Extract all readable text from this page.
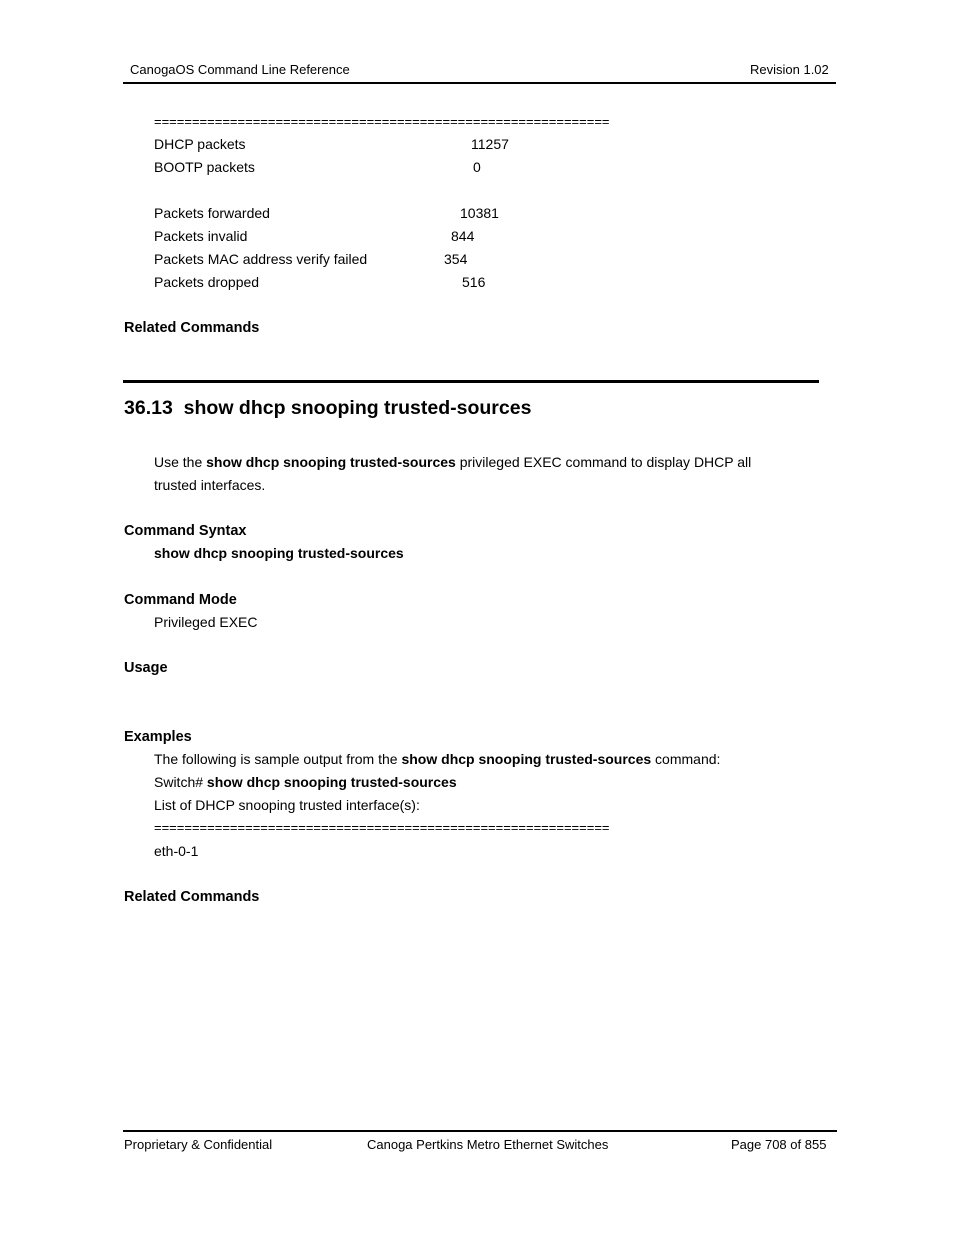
CanogaOS Command Line Reference	Revision 1.02
============================================================
DHCP packets	11257
BOOTP packets	0
Packets forwarded	10381
Packets invalid	844
Packets MAC address verify failed	354
Packets dropped	516
Related Commands
36.13 show dhcp snooping trusted-sources
Use the show dhcp snooping trusted-sources privileged EXEC command to display DHCP all
trusted interfaces.
Command Syntax
show dhcp snooping trusted-sources
Command Mode
Privileged EXEC
Usage
Examples
The following is sample output from the show dhcp snooping trusted-sources command:
Switch# show dhcp snooping trusted-sources
List of DHCP snooping trusted interface(s):
============================================================
eth-0-1
Related Commands
Proprietary & Confidential	Canoga Pertkins Metro Ethernet Switches	Page 708 of 855
